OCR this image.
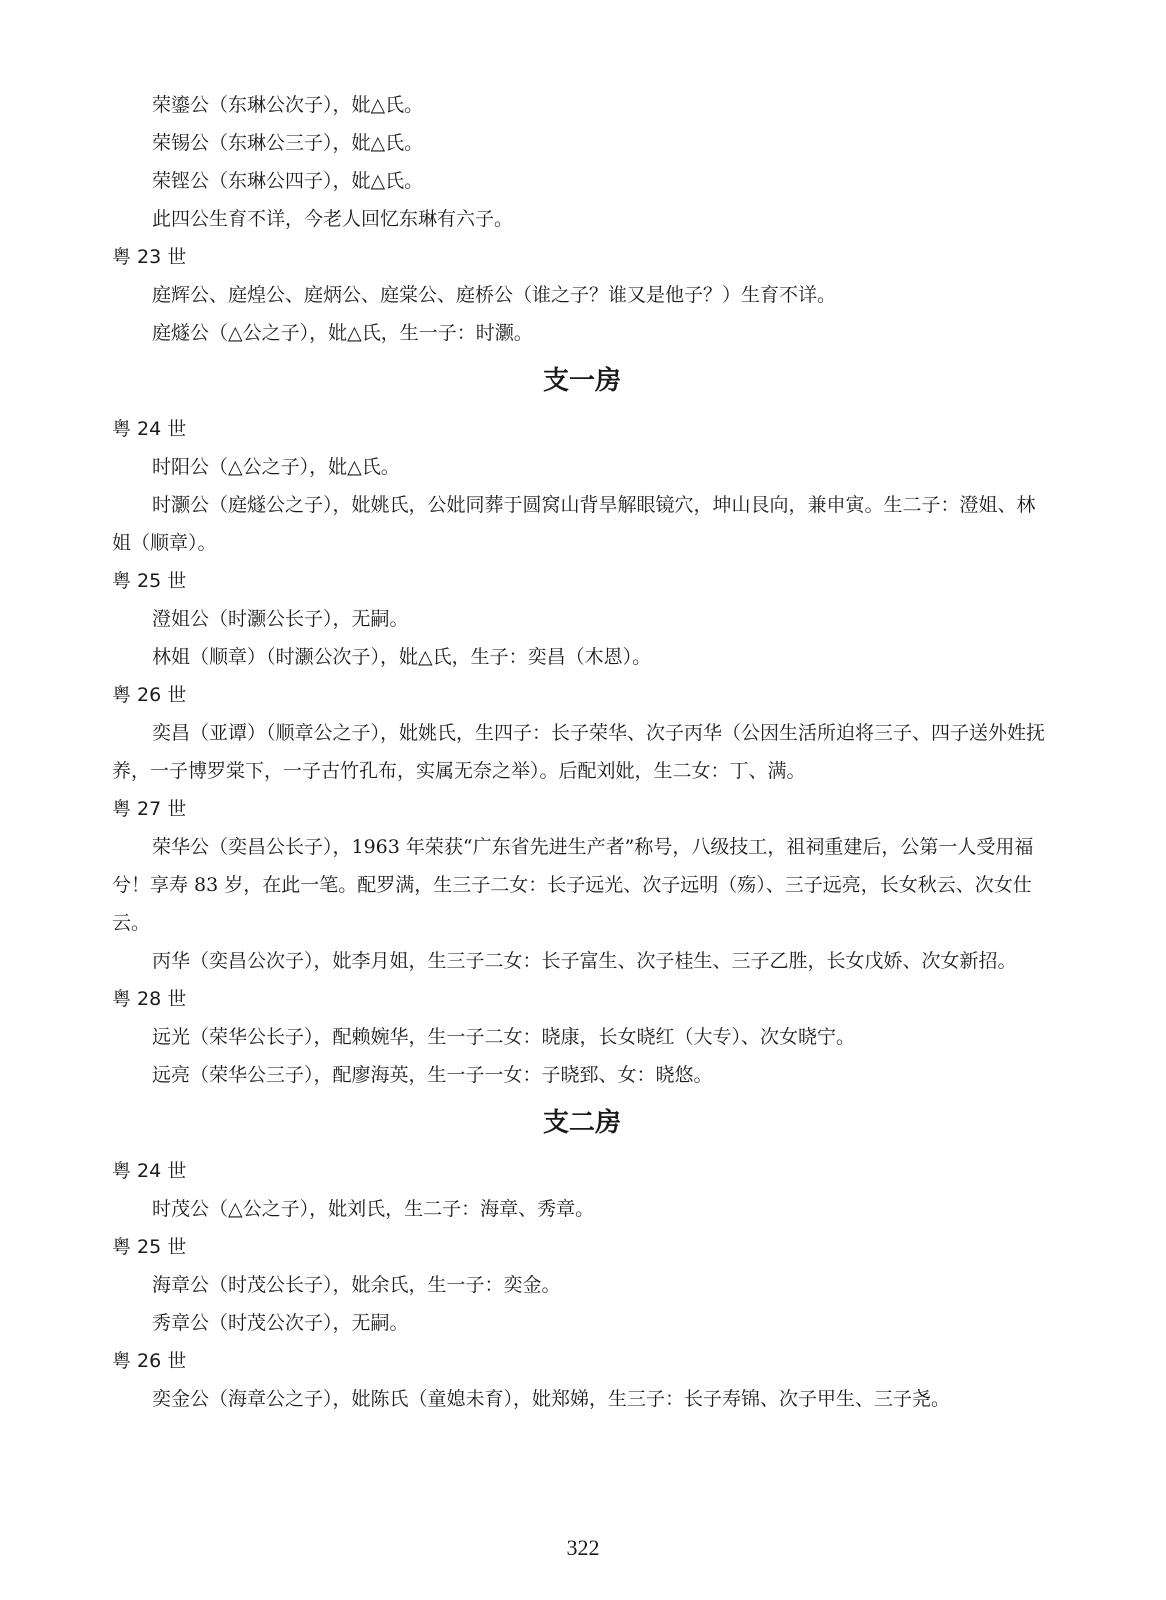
荣鎏公（东琳公次子），妣△氏。

荣锡公（东琳公三子），妣△氏。

荣铿公（东琳公四子），妣△氏。

此四公生育不详，今老人回忆东琳有六子。

粤 23 世

庭辉公、庭煌公、庭炳公、庭棠公、庭桥公（谁之子？谁又是他子？）生育不详。

庭燧公（△公之子），妣△氏，生一子：时灏。

支一房

粤 24 世

时阳公（△公之子），妣△氏。

时灏公（庭燧公之子），妣姚氏，公妣同葬于圆窝山背旱解眼镜穴，坤山艮向，兼申寅。生二子：澄姐、林姐（顺章）。

粤 25 世

澄姐公（时灏公长子），无嗣。

林姐（顺章）（时灏公次子），妣△氏，生子：奕昌（木恩）。

粤 26 世

奕昌（亚谭）（顺章公之子），妣姚氏，生四子：长子荣华、次子丙华（公因生活所迫将三子、四子送外姓抚养，一子博罗棠下，一子古竹孔布，实属无奈之举）。后配刘妣，生二女：丁、满。

粤 27 世

荣华公（奕昌公长子），1963 年荣获“广东省先进生产者”称号，八级技工，祖祠重建后，公第一人受用福兮！享寿 83 岁，在此一笔。配罗满，生三子二女：长子远光、次子远明（殇）、三子远亮，长女秋云、次女仕云。

丙华（奕昌公次子），妣李月姐，生三子二女：长子富生、次子桂生、三子乙胜，长女戊娇、次女新招。

粤 28 世

远光（荣华公长子），配赖婉华，生一子二女：晓康，长女晓红（大专）、次女晓宁。

远亮（荣华公三子），配廖海英，生一子一女：子晓郅、女：晓悠。

支二房

粤 24 世

时茂公（△公之子），妣刘氏，生二子：海章、秀章。

粤 25 世

海章公（时茂公长子），妣余氏，生一子：奕金。

秀章公（时茂公次子），无嗣。

粤 26 世

奕金公（海章公之子），妣陈氏（童媳未育），妣郑娣，生三子：长子寿锦、次子甲生、三子尧。

322
